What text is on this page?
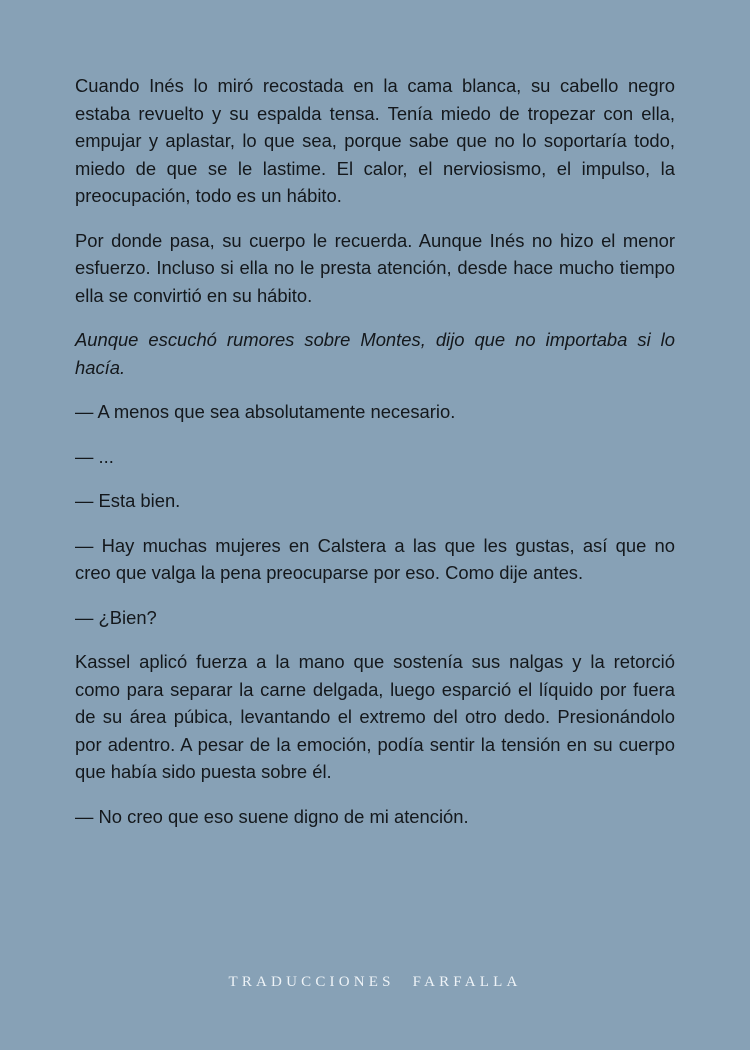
Cuando Inés lo miró recostada en la cama blanca, su cabello negro estaba revuelto y su espalda tensa. Tenía miedo de tropezar con ella, empujar y aplastar, lo que sea, porque sabe que no lo soportaría todo, miedo de que se le lastime. El calor, el nerviosismo, el impulso, la preocupación, todo es un hábito.

Por donde pasa, su cuerpo le recuerda. Aunque Inés no hizo el menor esfuerzo. Incluso si ella no le presta atención, desde hace mucho tiempo ella se convirtió en su hábito.

Aunque escuchó rumores sobre Montes, dijo que no importaba si lo hacía.

— A menos que sea absolutamente necesario.

— ...

— Esta bien.

— Hay muchas mujeres en Calstera a las que les gustas, así que no creo que valga la pena preocuparse por eso. Como dije antes.

— ¿Bien?

Kassel aplicó fuerza a la mano que sostenía sus nalgas y la retorció como para separar la carne delgada, luego esparció el líquido por fuera de su área púbica, levantando el extremo del otro dedo. Presionándolo por adentro. A pesar de la emoción, podía sentir la tensión en su cuerpo que había sido puesta sobre él.

— No creo que eso suene digno de mi atención.

TRADUCCIONES FARFALLA
